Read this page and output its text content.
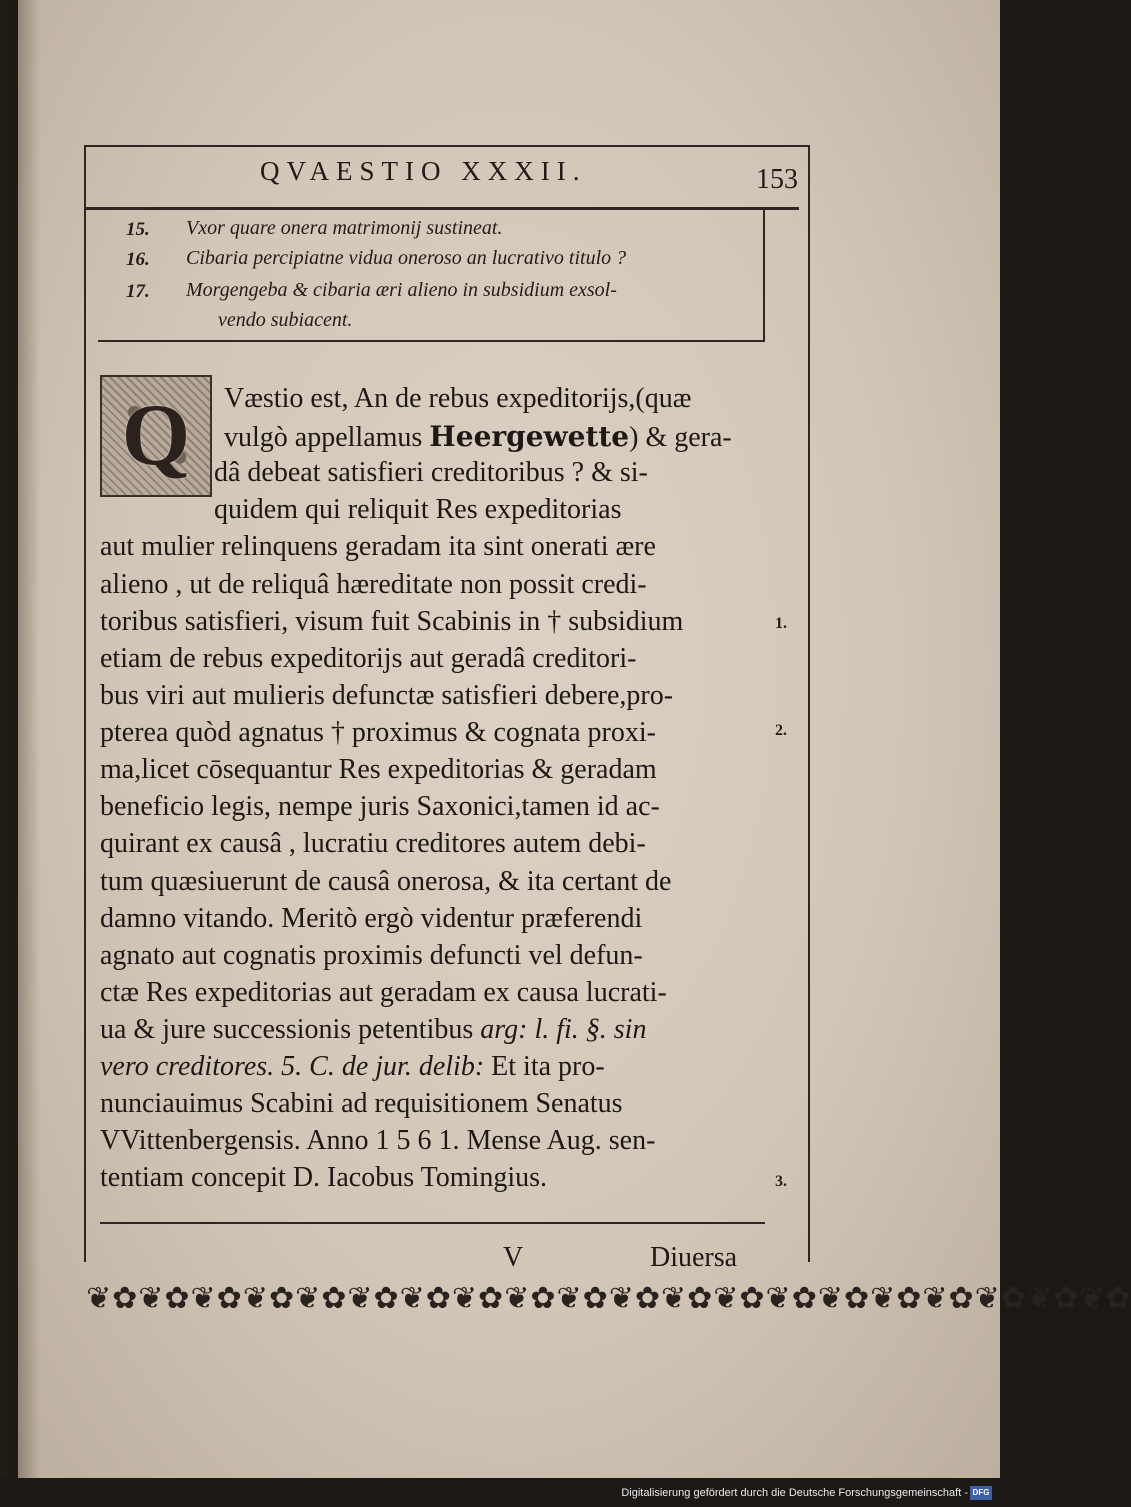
QVAESTIO XXXII.	153
15. Vxor quare onera matrimonij sustineat.
16. Cibaria percipiatne vidua oneroso an lucrativo titulo ?
17. Morgengeba & cibaria æri alieno in subsidium exsol-
vendo subiacent.
Q Væstio est, An de rebus expeditorijs,(quæ
vulgò appellamus Heergewette) & gera-
dâ debeat satisfieri creditoribus ? & si-
quidem qui reliquit Res expeditorias
aut mulier relinquens geradam ita sint onerati ære
alieno , ut de reliquâ hæreditate non possit credi-
toribus satisfieri, visum fuit Scabinis in † subsidium
etiam de rebus expeditorijs aut geradâ creditori-
bus viri aut mulieris defunctæ satisfieri debere,pro-
pterea quòd agnatus † proximus & cognata proxi-
ma,licet cōsequantur Res expeditorias & geradam
beneficio legis, nempe juris Saxonici,tamen id ac-
quirant ex causâ , lucratiu creditores autem debi-
tum quæsiuerunt de causâ onerosa, & ita certant de
damno vitando. Meritò ergò videntur præferendi
agnato aut cognatis proximis defuncti vel defun-
ctæ Res expeditorias aut geradam ex causa lucrati-
ua & jure successionis petentibus arg: l. fi. §. sin
vero creditores. 5. C. de jur. delib: Et ita pro-
nunciauimus Scabini ad requisitionem Senatus
VVittenbergensis. Anno 1 5 6 1. Mense Aug. sen-
tentiam concepit D. Iacobus Tomingius.
1.
2.
3.
V	Diuersa
❦✿❦✿❦✿❦✿❦✿❦✿❦✿❦✿❦✿❦✿❦✿❦✿❦✿❦✿❦✿❦✿❦✿❦✿❦✿❦✿
Digitalisierung gefördert durch die Deutsche Forschungsgemeinschaft - DFG
